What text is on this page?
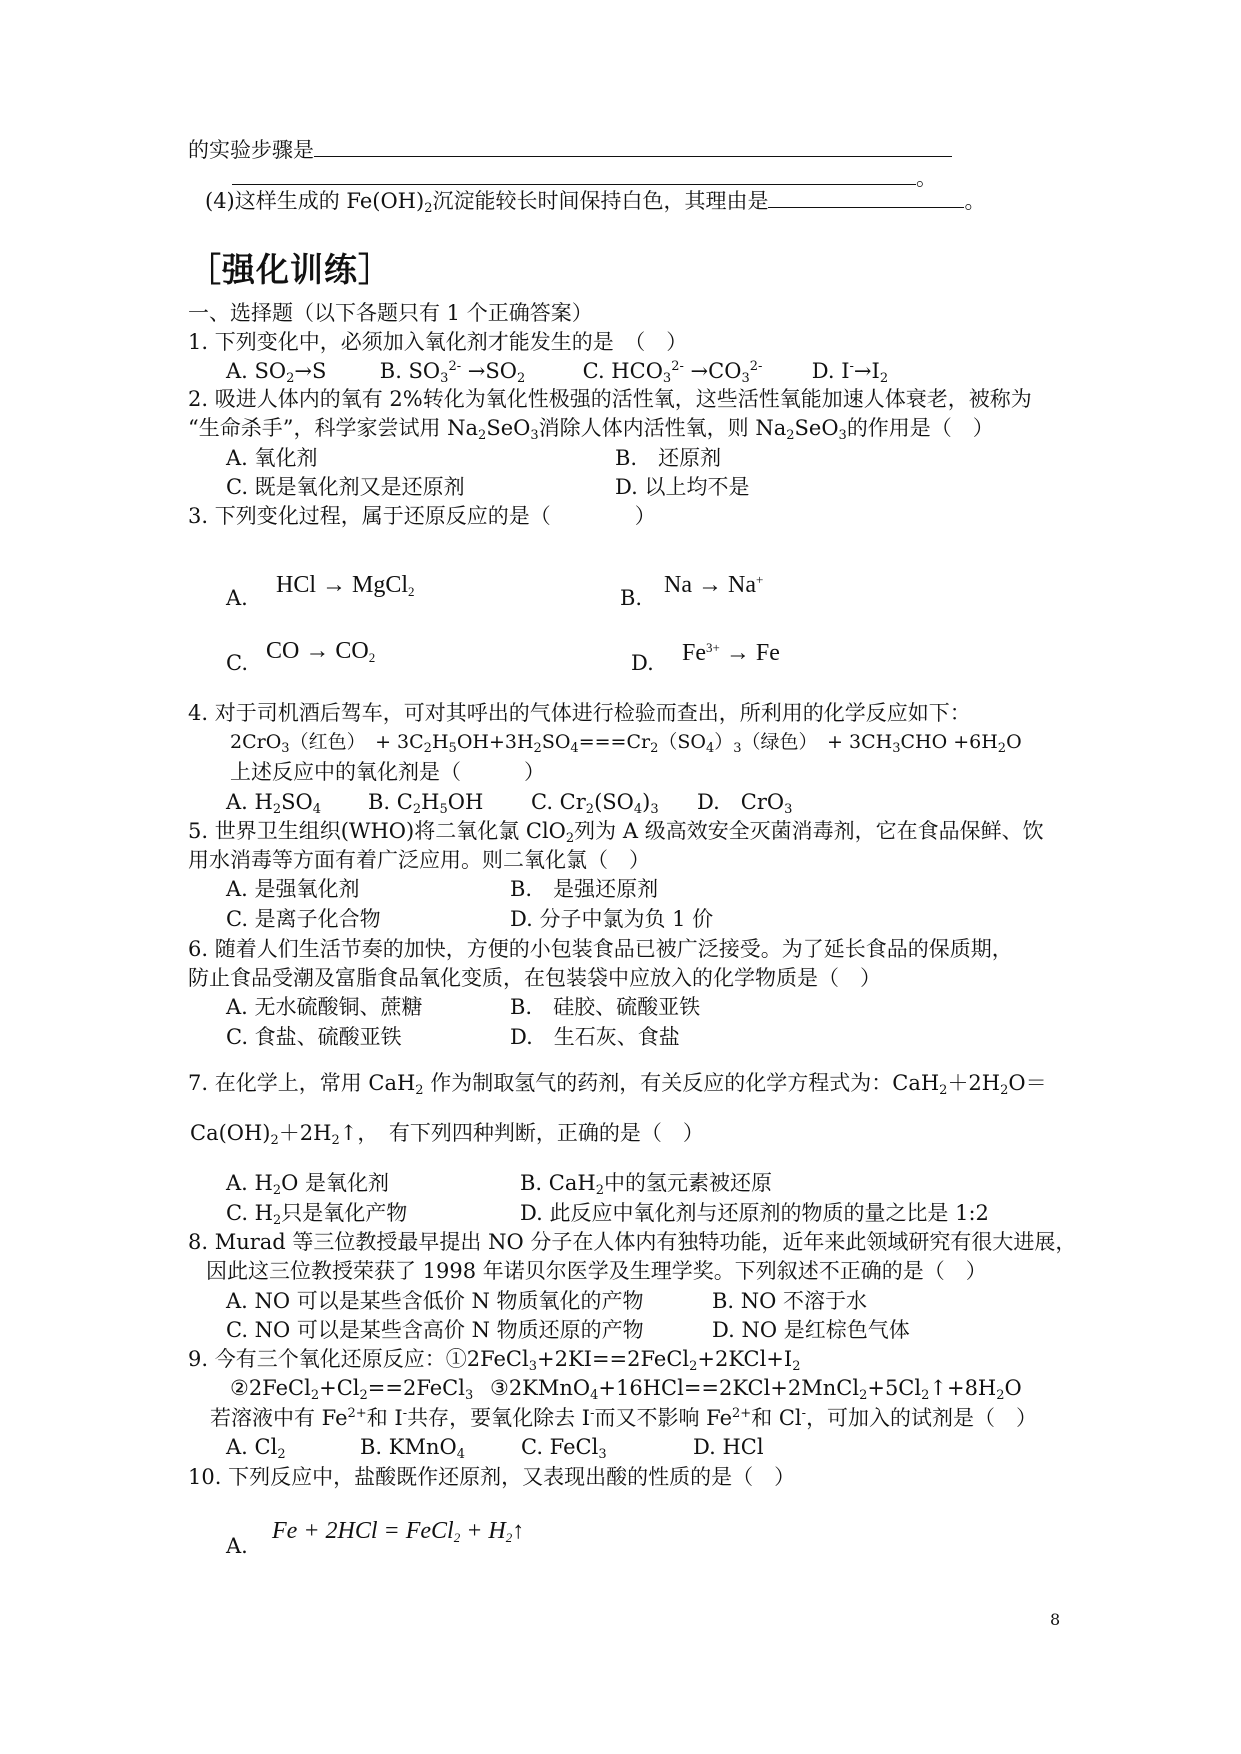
的实验步骤是
。
(4)这样生成的 $Fe(OH)_2$沉淀能较长时间保持白色，其理由是	。
［强化训练］
一、选择题（以下各题只有 1 个正确答案）
1. 下列变化中，必须加入氧化剂才能发生的是　（　）
A. $SO_2\to S$	B. $SO_3^{2-} \to SO_2$	C. $HCO_3^{2-} \to CO_3^{2-}$ D. $I^-\to I_2$
2. 吸进人体内的氧有 2%转化为氧化性极强的活性氧，这些活性氧能加速人体衰老，被称为
“生命杀手”，科学家尝试用 $Na_2SeO_3$消除人体内活性氧，则 $Na_2SeO_3$的作用是（　）
A. 氧化剂	B.　还原剂
C. 既是氧化剂又是还原剂	D. 以上均不是
3. 下列变化过程，属于还原反应的是（　　　　）
A. HCl → MgCl$_2$	B. Na → Na+
C. CO → $CO_2$	D. $Fe^{3+} \to Fe$
4. 对于司机酒后驾车，可对其呼出的气体进行检验而查出，所利用的化学反应如下：
2CrO$_3$（红色）　+ $3C_2H_5OH+3H_2SO_4===Cr_2(SO_4)_3$（绿色）　+ $3CH_3CHO +6H_2O$
上述反应中的氧化剂是（　　　）
A. $H_2SO_4$ B. $C_2H_5OH$ C. $Cr_2(SO_4)_3$ D.　CrO$_3$
5. 世界卫生组织(WHO)将二氧化氯 ClO$_2$列为 A 级高效安全灭菌消毒剂，它在食品保鲜、饮
用水消毒等方面有着广泛应用。则二氧化氯（　）
A. 是强氧化剂	B.　是强还原剂
C. 是离子化合物	D. 分子中氯为负 1 价
6. 随着人们生活节奏的加快，方便的小包装食品已被广泛接受。为了延长食品的保质期，
防止食品受潮及富脂食品氧化变质，在包装袋中应放入的化学物质是（　）
A. 无水硫酸铜、蔗糖	B.　硅胶、硫酸亚铁
C. 食盐、硫酸亚铁	D.　生石灰、食盐
7. 在化学上，常用 CaH$_2$ 作为制取氢气的药剂，有关反应的化学方程式为：$CaH_2+2H_2O=$
$Ca(OH)_2+2H_2↑$，　有下列四种判断，正确的是（　）
A. $H_2O$ 是氧化剂	B. CaH$_2$中的氢元素被还原
C. $H_2$只是氧化产物	D. 此反应中氧化剂与还原剂的物质的量之比是 1:2
8. Murad 等三位教授最早提出 NO 分子在人体内有独特功能，近年来此领域研究有很大进展，
因此这三位教授荣获了 1998 年诺贝尔医学及生理学奖。下列叙述不正确的是（　）
A. NO 可以是某些含低价 N 物质氧化的产物	B. NO 不溶于水
C. NO 可以是某些含高价 N 物质还原的产物	D. NO 是红棕色气体
9. 今有三个氧化还原反应：$①2FeCl_3+2KI==2FeCl_2+2KCl+I_2$
$②2FeCl_2+Cl_2==2FeCl_3$ $③2KMnO_4+16HCl==2KCl+2MnCl_2+5Cl_2↑+8H_2O$
若溶液中有 $Fe^{2+}$和 I-共存，要氧化除去 I-而又不影响 $Fe^{2+}$和 Cl-，可加入的试剂是（　）
A. $Cl_2$	B. KMnO$_4$	C. FeCl$_3$	D. HCl
10. 下列反应中，盐酸既作还原剂，又表现出酸的性质的是（　）
A.
Fe + 2HCl = FeCl$_2$ + $H_2↑$
8
